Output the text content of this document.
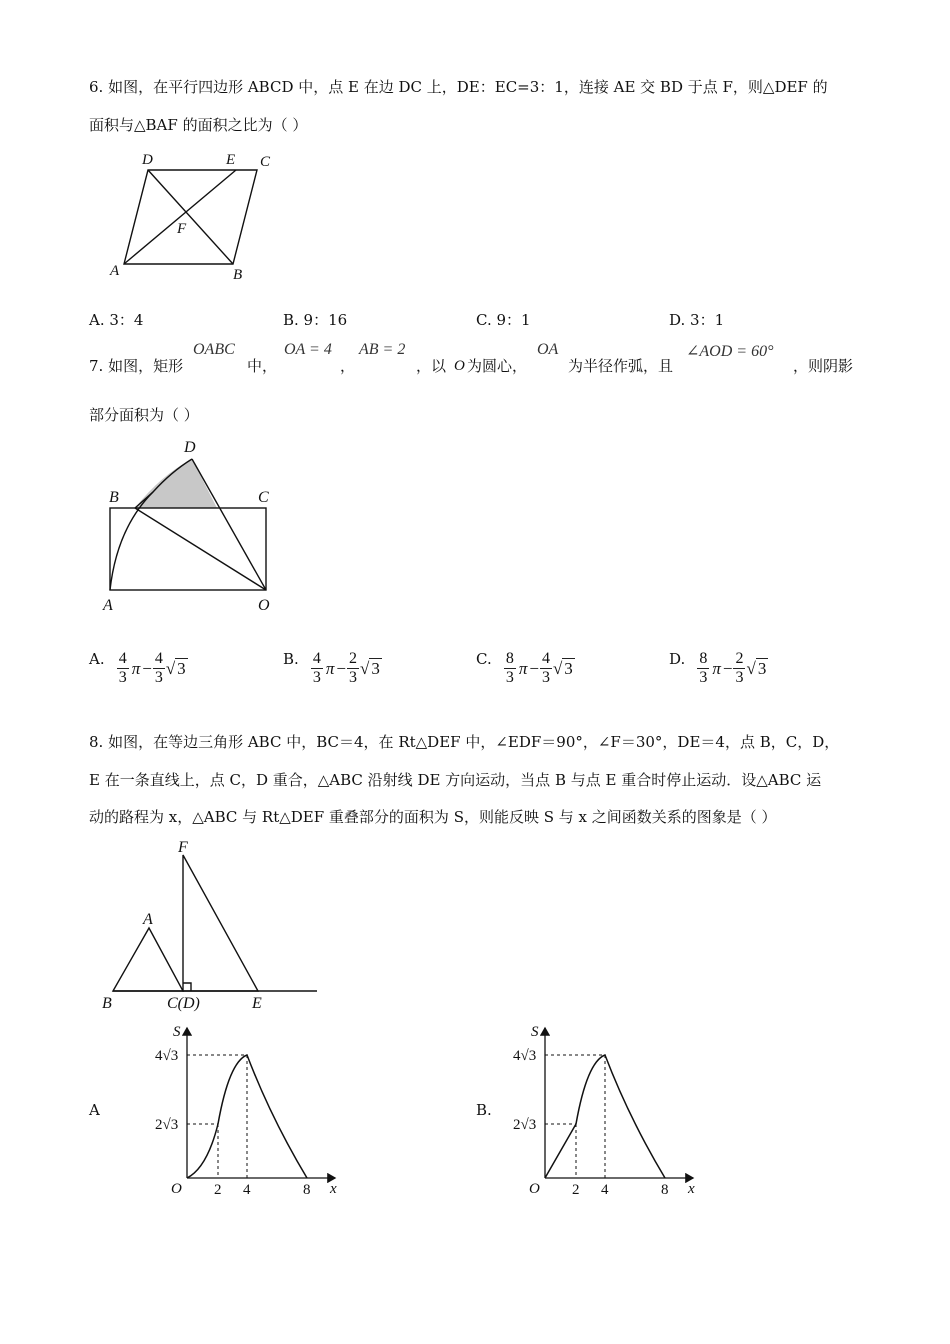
6. 如图，在平行四边形 ABCD 中，点 E 在边 DC 上，DE：EC=3：1，连接 AE 交 BD 于点 F，则△DEF 的
面积与△BAF 的面积之比为（ ）
D	E C
F
A	B
A. 3：4	B. 9：16	C. 9：1	D. 3：1
7. 如图，矩形
OABC
中，
OA = 4
，
AB = 2
，以 O 为圆心，
OA
为半径作弧，且
∠AOD = 60°
，则阴影
部分面积为（ ）
D
B	C
A	O
A. $\frac{4}{3}$ $\pi - \frac{4}{3}$ √ 3	B. $\frac{4}{3}$ $\pi - \frac{2}{3}$ √ 3	C. $\frac{8}{3}$ $\pi - \frac{4}{3}$ √ 3	D. $\frac{8}{3}$ $\pi - \frac{2}{3}$ √ 3
8. 如图，在等边三角形 ABC 中，BC＝4，在 Rt△DEF 中，∠EDF＝90°，∠F＝30°，DE＝4，点 B，C，D，
E 在一条直线上，点 C，D 重合，△ABC 沿射线 DE 方向运动，当点 B 与点 E 重合时停止运动．设△ABC 运
动的路程为 x，△ABC 与 Rt△DEF 重叠部分的面积为 S，则能反映 S 与 x 之间函数关系的图象是（ ）
F
A
B	C(D)	E
A
S
x
O
4√3
2√3
2 4	8
B.
S
x
O
4√3
2√3
2 4	8
